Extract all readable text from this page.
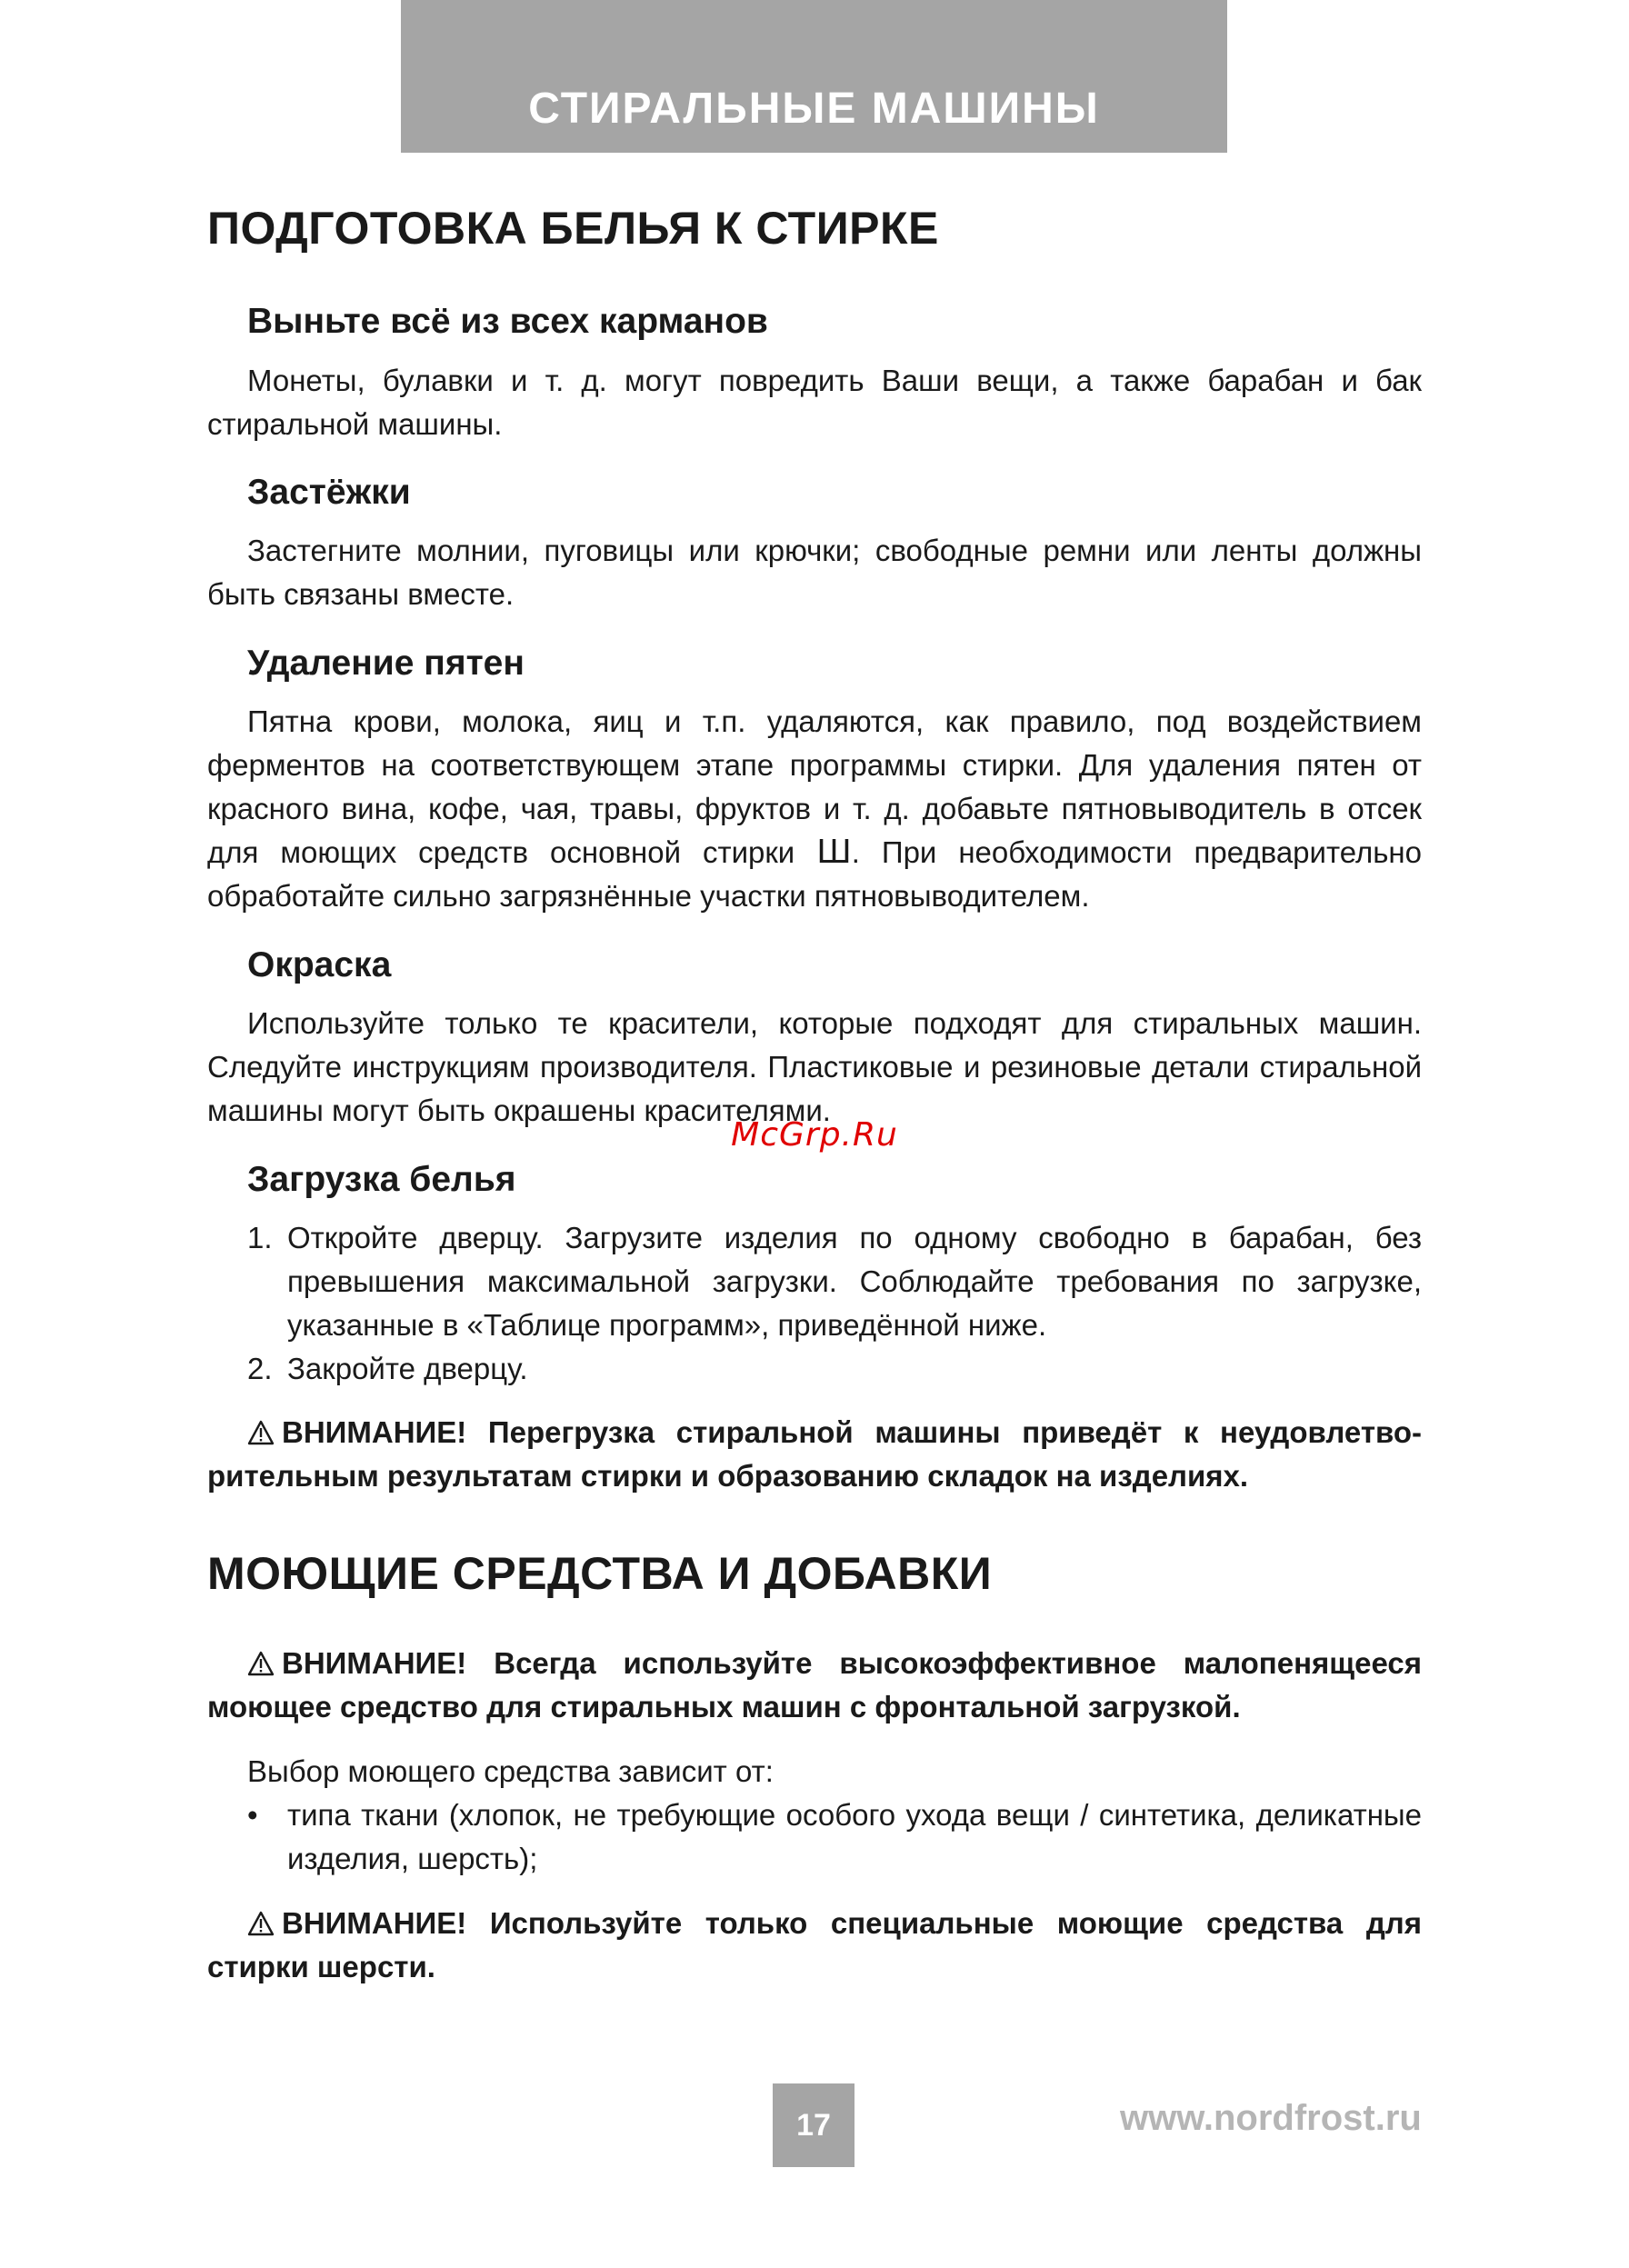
СТИРАЛЬНЫЕ МАШИНЫ
ПОДГОТОВКА БЕЛЬЯ К СТИРКЕ
Выньте всё из всех карманов

Монеты, булавки и т. д. могут повредить Ваши вещи, а также барабан и бак стиральной машины.

Застёжки

Застегните молнии, пуговицы или крючки; свободные ремни или ленты должны быть связаны вместе.

Удаление пятен

Пятна крови, молока, яиц и т.п. удаляются, как правило, под воздействием ферментов на соответствующем этапе программы стирки. Для удаления пятен от красного вина, кофе, чая, травы, фруктов и т. д. добавьте пятновыводитель в отсек для моющих средств основной стирки Ш. При необходимости предварительно обработайте сильно загрязнённые участки пятновыводителем.

Окраска

Используйте только те красители, которые подходят для стиральных машин. Следуйте инструкциям производителя. Пластиковые и резиновые детали стиральной машины могут быть окрашены красителями.

Загрузка белья
1. Откройте дверцу. Загрузите изделия по одному свободно в барабан, без превышения максимальной загрузки. Соблюдайте требования по загрузке, указанные в «Таблице программ», приведённой ниже.
2. Закройте дверцу.

ВНИМАНИЕ! Перегрузка стиральной машины приведёт к неудовлетворительным результатам стирки и образованию складок на изделиях.

МОЮЩИЕ СРЕДСТВА И ДОБАВКИ

ВНИМАНИЕ! Всегда используйте высокоэффективное малопенящееся моющее средство для стиральных машин с фронтальной загрузкой.

Выбор моющего средства зависит от:
• типа ткани (хлопок, не требующие особого ухода вещи / синтетика, деликатные изделия, шерсть);

ВНИМАНИЕ! Используйте только специальные моющие средства для стирки шерсти.

McGrp.Ru
17	www.nordfrost.ru
